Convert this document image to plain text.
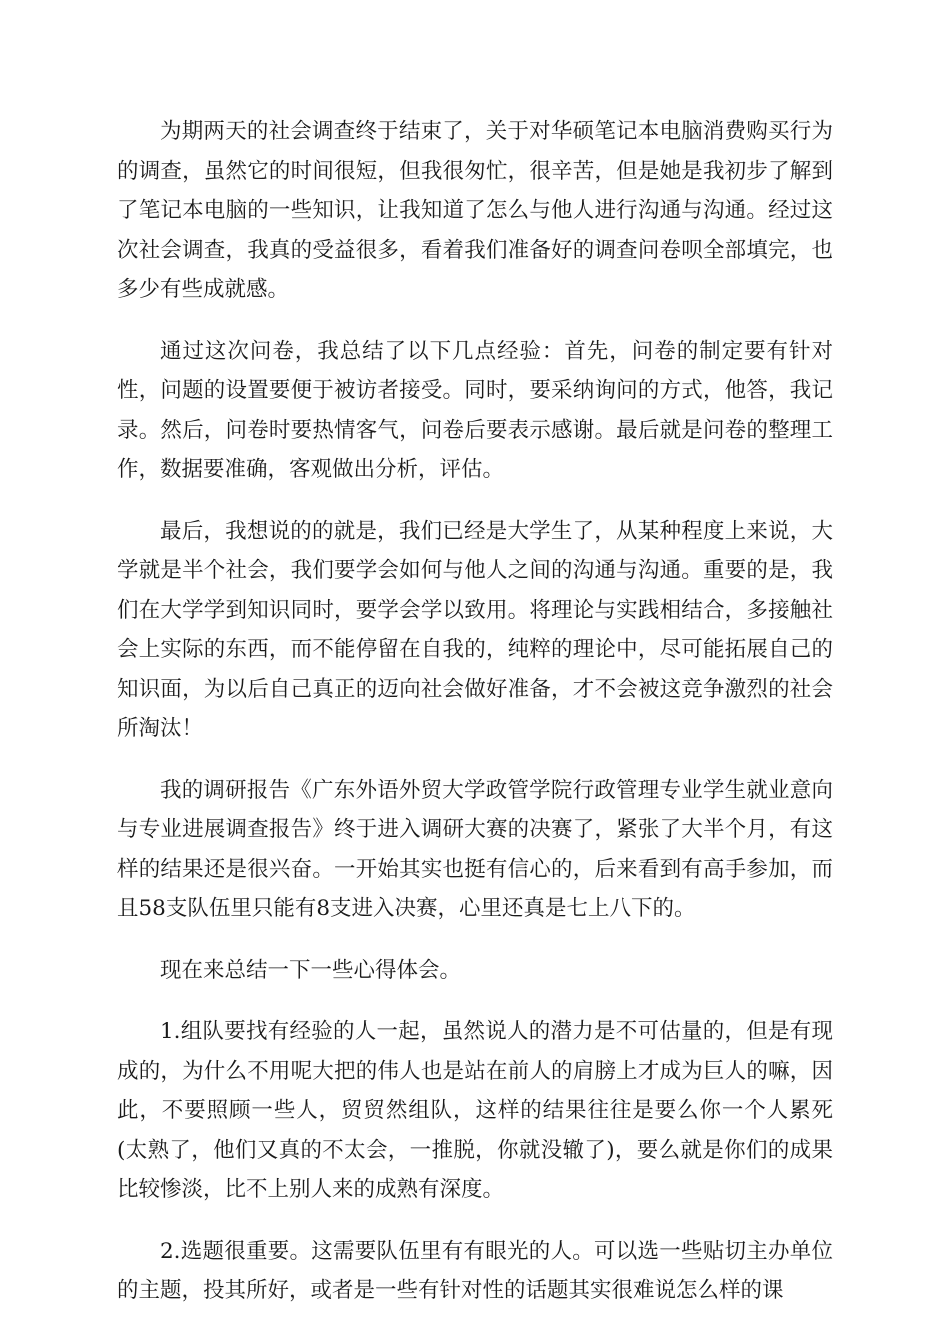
为期两天的社会调查终于结束了，关于对华硕笔记本电脑消费购买行为的调查，虽然它的时间很短，但我很匆忙，很辛苦，但是她是我初步了解到了笔记本电脑的一些知识，让我知道了怎么与他人进行沟通与沟通。经过这次社会调查，我真的受益很多，看着我们准备好的调查问卷呗全部填完，也多少有些成就感。

通过这次问卷，我总结了以下几点经验：首先，问卷的制定要有针对性，问题的设置要便于被访者接受。同时，要采纳询问的方式，他答，我记录。然后，问卷时要热情客气，问卷后要表示感谢。最后就是问卷的整理工作，数据要准确，客观做出分析，评估。

最后，我想说的的就是，我们已经是大学生了，从某种程度上来说，大学就是半个社会，我们要学会如何与他人之间的沟通与沟通。重要的是，我们在大学学到知识同时，要学会学以致用。将理论与实践相结合，多接触社会上实际的东西，而不能停留在自我的，纯粹的理论中，尽可能拓展自己的知识面，为以后自己真正的迈向社会做好准备，才不会被这竞争激烈的社会所淘汰！

我的调研报告《广东外语外贸大学政管学院行政管理专业学生就业意向与专业进展调查报告》终于进入调研大赛的决赛了，紧张了大半个月，有这样的结果还是很兴奋。一开始其实也挺有信心的，后来看到有高手参加，而且58支队伍里只能有8支进入决赛，心里还真是七上八下的。

现在来总结一下一些心得体会。

1.组队要找有经验的人一起，虽然说人的潜力是不可估量的，但是有现成的，为什么不用呢大把的伟人也是站在前人的肩膀上才成为巨人的嘛，因此，不要照顾一些人，贸贸然组队，这样的结果往往是要么你一个人累死(太熟了，他们又真的不太会，一推脱，你就没辙了)，要么就是你们的成果比较惨淡，比不上别人来的成熟有深度。

2.选题很重要。这需要队伍里有有眼光的人。可以选一些贴切主办单位的主题，投其所好，或者是一些有针对性的话题其实很难说怎么样的课
